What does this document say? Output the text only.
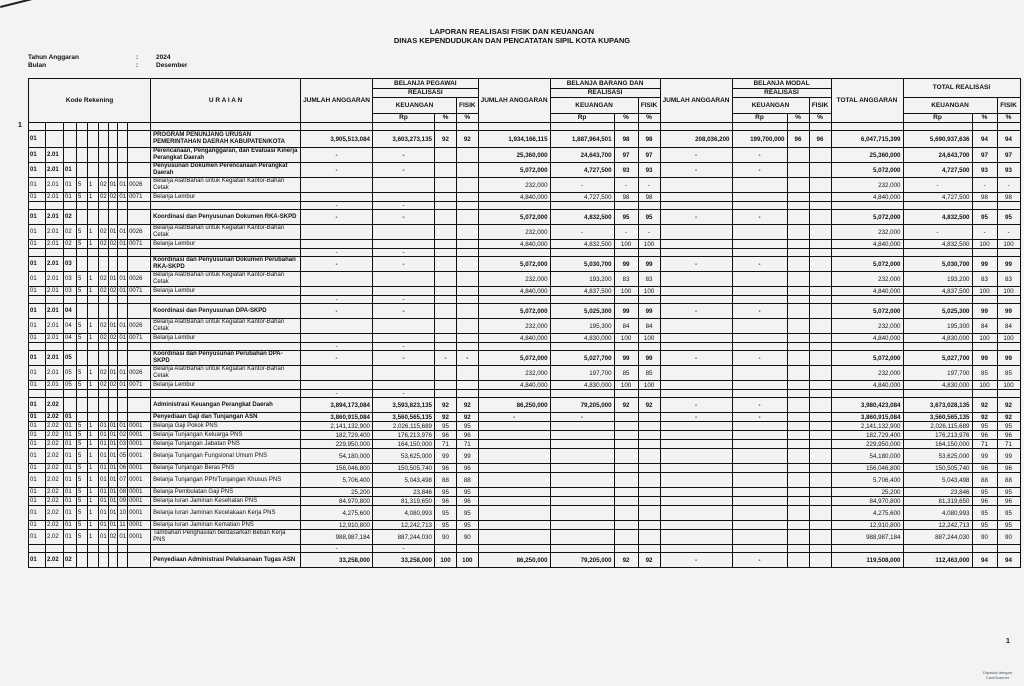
LAPORAN REALISASI FISIK DAN KEUANGAN
DINAS KEPENDUDUKAN DAN PENCATATAN SIPIL KOTA KUPANG
Tahun Anggaran	:	2024
Bulan	:	Desember
1
1
Dipindai dengan
CamScanner
Kode Rekening									U R A I A N	JUMLAH ANGGARAN	BELANJA PEGAWAI			JUMLAH ANGGARAN	BELANJA BARANG DAN			JUMLAH ANGGARAN	BELANJA MODAL			TOTAL ANGGARAN	TOTAL REALISASI		
											REALISASI				REALISASI				REALISASI						
											KEUANGAN		FISIK		KEUANGAN		FISIK		KEUANGAN		FISIK		KEUANGAN		FISIK
											Rp	%	%		Rp	%	%		Rp	%	%		Rp	%	%

01									PROGRAM PENUNJANG URUSAN PEMERINTAHAN DAERAH KABUPATEN/KOTA	3,905,513,084	3,603,273,135	92	92	1,934,166,115	1,887,964,501	98	98	208,036,200	199,700,000	96	96	6,047,715,399	5,690,937,636	94	94
01	2.01								Perencanaan, Penganggaran, dan Evaluasi Kinerja Perangkat Daerah	-	-			25,360,000	24,643,700	97	97	-	-			25,360,000	24,643,700	97	97
01	2.01	01							Penyusunan Dokumen Perencanaan Perangkat Daerah	-	-			5,072,000	4,727,500	93	93	-	-			5,072,000	4,727,500	93	93
01	2.01	01	5	1	02	01	01	0026	Belanja Alat/Bahan untuk Kegiatan Kantor-Bahan Cetak					232,000	-	-	-					232,000	-	-	-
01	2.01	01	5	1	02	02	01	0071	Belanja Lembur					4,840,000	4,727,500	98	98					4,840,000	4,727,500	98	98
										-	-														
01	2.01	02							Koordinasi dan Penyusunan Dokumen RKA-SKPD	-	-			5,072,000	4,832,500	95	95	-	-			5,072,000	4,832,500	95	95
01	2.01	02	5	1	02	01	01	0026	Belanja Alat/Bahan untuk Kegiatan Kantor-Bahan Cetak					232,000	-	-	-					232,000	-	-	-
01	2.01	02	5	1	02	02	01	0071	Belanja Lembur					4,840,000	4,832,500	100	100					4,840,000	4,832,500	100	100
										-	-														
01	2.01	03							Koordinasi dan Penyusunan Dokumen Perubahan RKA-SKPD	-	-			5,072,000	5,030,700	99	99	-	-			5,072,000	5,030,700	99	99
01	2.01	03	5	1	02	01	01	0026	Belanja Alat/Bahan untuk Kegiatan Kantor-Bahan Cetak					232,000	193,200	83	83					232,000	193,200	83	83
01	2.01	03	5	1	02	02	01	0071	Belanja Lembur					4,840,000	4,837,500	100	100					4,840,000	4,837,500	100	100
										-	-														
01	2.01	04							Koordinasi dan Penyusunan DPA-SKPD	-	-			5,072,000	5,025,300	99	99	-	-			5,072,000	5,025,300	99	99
01	2.01	04	5	1	02	01	01	0026	Belanja Alat/Bahan untuk Kegiatan Kantor-Bahan Cetak					232,000	195,300	84	84					232,000	195,300	84	84
01	2.01	04	5	1	02	02	01	0071	Belanja Lembur					4,840,000	4,830,000	100	100					4,840,000	4,830,000	100	100
										-	-														
01	2.01	05							Koordinasi dan Penyusunan Perubahan DPA-SKPD	-	-	-	-	5,072,000	5,027,700	99	99	-	-			5,072,000	5,027,700	99	99
01	2.01	05	5	1	02	01	01	0026	Belanja Alat/Bahan untuk Kegiatan Kantor-Bahan Cetak					232,000	197,700	85	85					232,000	197,700	85	85
01	2.01	05	5	1	02	02	01	0071	Belanja Lembur					4,840,000	4,830,000	100	100					4,840,000	4,830,000	100	100
										-	-														
01	2.02								Administrasi Keuangan Perangkat Daerah	3,894,173,084	3,593,823,135	92	92	86,250,000	79,205,000	92	92	-	-			3,980,423,084	3,673,028,135	92	92
01	2.02	01							Penyediaan Gaji dan Tunjangan ASN	3,860,915,084	3,560,565,135	92	92	-	-			-	-			3,860,915,084	3,560,565,135	92	92
01	2.02	01	5	1	01	01	01	0001	Belanja Gaji Pokok PNS	2,141,132,900	2,026,115,689	95	95									2,141,132,900	2,026,115,689	95	95
01	2.02	01	5	1	01	01	02	0001	Belanja Tunjangan Keluarga PNS	182,729,400	176,213,976	96	96									182,729,400	176,213,976	96	96
01	2.02	01	5	1	01	01	03	0001	Belanja Tunjangan Jabatan PNS	229,950,000	164,150,000	71	71									229,950,000	164,150,000	71	71
01	2.02	01	5	1	01	01	05	0001	Belanja Tunjangan Fungsional Umum PNS	54,180,000	53,625,000	99	99									54,180,000	53,625,000	99	99
01	2.02	01	5	1	01	01	06	0001	Belanja Tunjangan Beras PNS	156,046,800	150,505,740	96	96									156,046,800	150,505,740	96	96
01	2.02	01	5	1	01	01	07	0001	Belanja Tunjangan PPh/Tunjangan Khusus PNS	5,706,400	5,043,498	88	88									5,706,400	5,043,498	88	88
01	2.02	01	5	1	01	01	08	0001	Belanja Pembulatan Gaji PNS	25,200	23,846	95	95									25,200	23,846	95	95
01	2.02	01	5	1	01	01	09	0001	Belanja Iuran Jaminan Kesehatan PNS	84,970,800	81,319,650	96	96									84,970,800	81,319,650	96	96
01	2.02	01	5	1	01	01	10	0001	Belanja Iuran Jaminan Kecelakaan Kerja PNS	4,275,600	4,080,993	95	95									4,275,600	4,080,993	95	95
01	2.02	01	5	1	01	01	11	0001	Belanja Iuran Jaminan Kematian PNS	12,910,800	12,242,713	95	95									12,910,800	12,242,713	95	95
01	2.02	01	5	1	01	02	01	0001	Tambahan Penghasilan berdasarkan Beban Kerja PNS	988,987,184	887,244,030	90	90									988,987,184	887,244,030	90	90
										-	-														
01	2.02	02							Penyediaan Administrasi Pelaksanaan Tugas ASN	33,258,000	33,258,000	100	100	86,250,000	79,205,000	92	92	-	-			119,508,000	112,463,000	94	94
